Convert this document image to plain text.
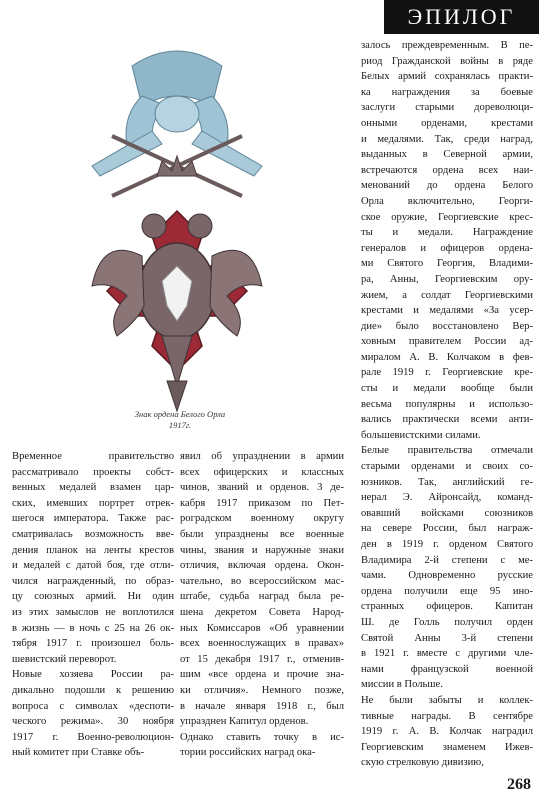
ЭПИЛОГ
Знак ордена Белого Орла
1917г.
залось преждевременным. В пе-
риод Гражданской войны в ряде
Белых армий сохранялась практи-
ка награждения за боевые
заслуги старыми дореволюци-
онными орденами, крестами
и медалями. Так, среди наград,
выданных в Северной армии,
встречаются ордена всех наи-
менований до ордена Белого
Орла включительно, Георги-
ское оружие, Георгиевские крес-
ты и медали. Награждение
генералов и офицеров ордена-
ми Святого Георгия, Владими-
ра, Анны, Георгиевским ору-
жием, а солдат Георгиевскими
крестами и медалями «За усер-
дие» было восстановлено Вер-
ховным правителем России ад-
миралом А. В. Колчаком в фев-
рале 1919 г. Георгиевские кре-
сты и медали вообще были
весьма популярны и использо-
вались практически всеми анти-
большевистскими силами.
Белые правительства отмечали
старыми орденами и своих со-
юзников. Так, английский ге-
нерал Э. Айронсайд, команд-
овавший войсками союзников
на севере России, был награж-
ден в 1919 г. орденом Святого
Владимира 2-й степени с ме-
чами. Одновременно русские
ордена получили еще 95 ино-
странных офицеров. Капитан
Ш. де Голль получил орден
Святой Анны 3-й степени
в 1921 г. вместе с другими чле-
нами французской военной
миссии в Польше.
Не были забыты и коллек-
тивные награды. В сентябре
1919 г. А. В. Колчак наградил
Георгиевским знаменем Ижев-
скую стрелковую дивизию,
Временное правительство
рассматривало проекты собст-
венных медалей взамен цар-
ских, имевших портрет отрек-
шегося императора. Также рас-
сматривалась возможность вве-
дения планок на ленты крестов
и медалей с датой боя, где отли-
чился награжденный, по образ-
цу союзных армий. Ни один
из этих замыслов не воплотился
в жизнь — в ночь с 25 на 26 ок-
тября 1917 г. произошел боль-
шевистский переворот.
Новые хозяева России ра-
дикально подошли к решению
вопроса с символах «деспоти-
ческого режима». 30 ноября
1917 г. Военно-революцион-
ный комитет при Ставке объ-
явил об упразднении в армии
всех офицерских и классных
чинов, званий и орденов. 3 де-
кабря 1917 приказом по Пет-
роградском военному округу
были упразднены все военные
чины, звания и наружные знаки
отличия, включая ордена. Окон-
чательно, во всероссийском мас-
штабе, судьба наград была ре-
шена декретом Совета Народ-
ных Комиссаров «Об уравнении
всех военнослужащих в правах»
от 15 декабря 1917 г., отменив-
шим «все ордена и прочие зна-
ки отличия». Немного позже,
в начале января 1918 г., был
упразднен Капитул орденов.
Однако ставить точку в ис-
тории российских наград ока-
268
